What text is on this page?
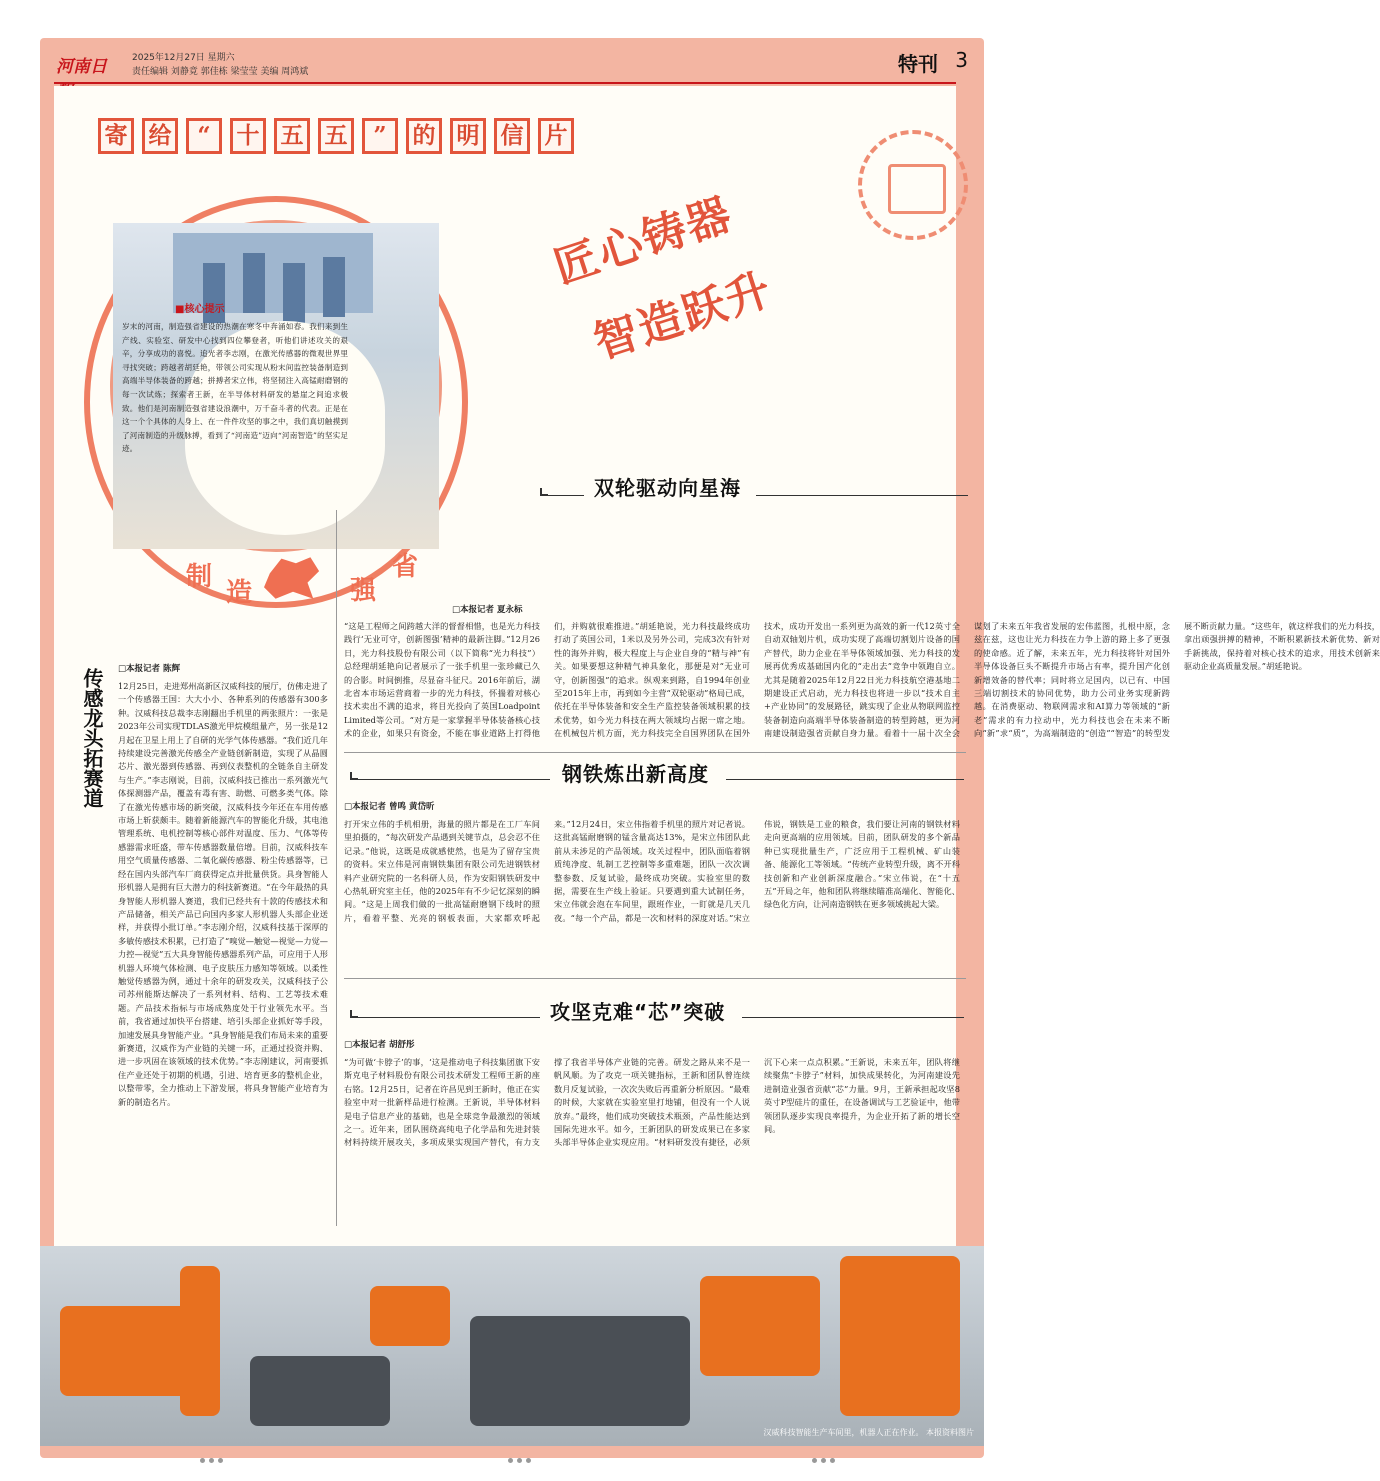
河南日	2025年12月27日 星期六
责任编辑 刘静竟 郭佳栋 梁莹莹 美编 周鸿斌	特刊 3
寄 给	“	十 五 五	”	的 明 信 片
匠心铸器
智造跃升
■核心提示
岁末的河南，制造强省建设的热潮在寒冬中奔涌如春。我们来到生产线、实验室、研发中心找到四位攀登者，听他们讲述攻关的艰辛，分享成功的喜悦。追光者李志刚，在激光传感器的微观世界里寻找突破；跨越者胡廷艳，带领公司实现从粉末间监控装备制造到高端半导体装备的跨越；拼搏者宋立伟，将坚韧注入高锰耐磨钢的每一次试炼；探索者王新，在半导体材料研发的悬崖之间追求极致。他们是河南制造强省建设浪潮中，万千奋斗者的代表。正是在这一个个具体的人身上、在一件件攻坚的事之中，我们真切触摸到了河南制造的升级脉搏，看到了“河南造”迈向“河南智造”的坚实足迹。
制
造	强
省
双轮驱动向星海
传感龙头拓赛道 □本报记者 陈辉
12月25日，走进郑州高新区汉威科技的展厅，仿佛走进了一个传感器王国：大大小小、各种系列的传感器有300多种。汉威科技总裁李志刚翻出手机里的两张照片：一张是2023年公司实现TDLAS激光甲烷模组量产，另一张是12月起在卫星上用上了自研的光学气体传感器。“我们近几年持续建设完善激光传感全产业链创新制造，实现了从晶圆芯片、激光器到传感器、再到仪表整机的全链条自主研发与生产。”李志刚说，目前，汉威科技已推出一系列激光气体探测器产品，覆盖有毒有害、助燃、可燃多类气体。除了在激光传感市场的新突破，汉威科技今年还在车用传感市场上斩获颇丰。随着新能源汽车的智能化升级，其电池管理系统、电机控制等核心部件对温度、压力、气体等传感器需求旺盛，带车传感器数量倍增。目前，汉威科技车用空气质量传感器、二氧化碳传感器、粉尘传感器等，已经在国内头部汽车厂商获得定点并批量供货。具身智能人形机器人是拥有巨大潜力的科技新赛道。“在今年最热的具身智能人形机器人赛道，我们已经共有十款的传感技术和产品储备，相关产品已向国内多家人形机器人头部企业送样，并获得小批订单。”李志刚介绍，汉威科技基于深厚的多敏传感技术积累，已打造了“嗅觉—触觉—视觉—力觉—力控—视觉”五大具身智能传感器系列产品，可应用于人形机器人环境气体检测、电子皮肤压力感知等领域。以柔性触觉传感器为例，通过十余年的研发攻关，汉威科技子公司苏州能斯达解决了一系列材料、结构、工艺等技术难题。产品技术指标与市场成熟度处于行业领先水平。当前，我省通过加快平台搭建、培引头部企业抓好等手段，加速发展具身智能产业。“具身智能是我们布局未来的重要新赛道，汉威作为产业链的关键一环，正通过投资并购、进一步巩固在该领域的技术优势。”李志刚建议，河南要抓住产业还处于初期的机遇，引进、培育更多的整机企业，以整带零，全力推动上下游发展，将具身智能产业培育为新的制造名片。
□本报记者 夏永标
“这是工程师之间跨越大洋的督督相惜，也是光力科技践行‘无业可守，创新图强’精神的最新注脚。”12月26日，光力科技股份有限公司（以下简称“光力科技”）总经理胡延艳向记者展示了一张手机里一张珍藏已久的合影。时间倒推，尽显奋斗征尺。2016年前后，湖北省本市场运营商着一步的光力科技，怀揣着对核心技术卖出不满的追求，将目光投向了英国Loadpoint Limited等公司。“对方是一家掌握半导体装备核心技术的企业，如果只有资金，不能在事业道路上打得他们，并购就很难推进。”胡延艳说，光力科技最终成功打动了英国公司，1米以及另外公司，完成3次有针对性的海外并购，极大程度上与企业自身的“精与神”有关。如果要想这种精气神具象化，那便是对“无业可守，创新图强”的追求。纵观来到路，自1994年创业至2015年上市，再到如今主营“双轮驱动”格局已成，依托在半导体装备和安全生产监控装备领域积累的技术优势，如今光力科技在两大领域均占据一席之地。在机械包片机方面，光力科技完全自国界团队在国外技术，成功开发出一系列更为高效的新一代12英寸全自动双轴划片机，成功实现了高端切割划片设备的国产替代，助力企业在半导体领域加强、光力科技的发展再优秀成基础国内化的“走出去”竞争中领跑自立。尤其是随着2025年12月22日光力科技航空港基地二期建设正式启动，光力科技也将进一步以“技术自主+产业协同”的发展路径，跳实现了企业从物联网监控装备制造向高端半导体装备制造的转型跨越，更为河南建设制造强省贡献自身力量。看着十一届十次全会谋划了未来五年我省发展的宏伟蓝图，扎根中原，念兹在兹，这也让光力科技在力争上游的路上多了更强的使命感。近了解，未来五年，光力科技将针对国外半导体设备巨头不断提升市场占有率，提升国产化创新增效备的替代率；同时将立足国内，以已有、中国三端切割技术的协同优势，助力公司业务实现新跨越。在消费驱动、物联网需求和AI算力等领域的“新老”需求的有力拉动中，光力科技也会在未来不断向“新”求“质”，为高端制造的“创造”“智造”的转型发展不断贡献力量。“这些年，就这样我们的光力科技，拿出顽强拼搏的精神，不断积累新技术新优势、新对手新挑战，保持着对核心技术的追求，用技术创新来驱动企业高质量发展。”胡延艳说。
钢铁炼出新高度
□本报记者 曾鸣 黄岱昕
打开宋立伟的手机相册，海量的照片都是在工厂车间里拍摄的，“每次研发产品遇到关键节点，总会忍不住记录。”他说，这既是成就感使然，也是为了留存宝贵的资料。宋立伟是河南钢铁集团有限公司先进钢铁材料产业研究院的一名科研人员，作为安阳钢铁研发中心热轧研究室主任，他的2025年有不少记忆深刻的瞬间。“这是上周我们做的一批高锰耐磨钢下线时的照片，看着平整、光亮的钢板表面，大家都欢呼起来。”12月24日，宋立伟指着手机里的照片对记者说。这批高锰耐磨钢的锰含量高达13%，是宋立伟团队此前从未涉足的产品领域。攻关过程中，团队面临着钢质纯净度、轧制工艺控制等多重难题，团队一次次调整参数、反复试验，最终成功突破。实验室里的数据，需要在生产线上验证。只要遇到重大试制任务，宋立伟就会泡在车间里，跟班作业，一盯就是几天几夜。“每一个产品，都是一次和材料的深度对话。”宋立伟说，钢铁是工业的粮食，我们要让河南的钢铁材料走向更高端的应用领域。目前，团队研发的多个新品种已实现批量生产，广泛应用于工程机械、矿山装备、能源化工等领域。“传统产业转型升级，离不开科技创新和产业创新深度融合。”宋立伟说，在“十五五”开局之年，他和团队将继续瞄准高端化、智能化、绿色化方向，让河南造钢铁在更多领域挑起大梁。
攻坚克难“芯”突破
□本报记者 胡舒彤
“为可做‘卡脖子’的事，‘这是推动电子科技集团旗下安斯克电子材料股份有限公司技术研发工程师王新的座右铭。12月25日，记者在许昌见到王新时，他正在实验室中对一批新样品进行检测。王新说，半导体材料是电子信息产业的基础，也是全球竞争最激烈的领域之一。近年来，团队围绕高纯电子化学品和先进封装材料持续开展攻关，多项成果实现国产替代，有力支撑了我省半导体产业链的完善。研发之路从来不是一帆风顺。为了攻克一项关键指标，王新和团队曾连续数月反复试验，一次次失败后再重新分析原因。“最难的时候，大家就在实验室里打地铺，但没有一个人说放弃。”最终，他们成功突破技术瓶颈，产品性能达到国际先进水平。如今，王新团队的研发成果已在多家头部半导体企业实现应用。“材料研发没有捷径，必须沉下心来一点点积累。”王新说，未来五年，团队将继续聚焦“卡脖子”材料，加快成果转化，为河南建设先进制造业强省贡献“芯”力量。9月，王新承担起攻坚8英寸P型硅片的重任，在设备调试与工艺验证中，他带领团队逐步实现良率提升，为企业开拓了新的增长空间。
汉威科技智能生产车间里，机器人正在作业。 本报资料图片
